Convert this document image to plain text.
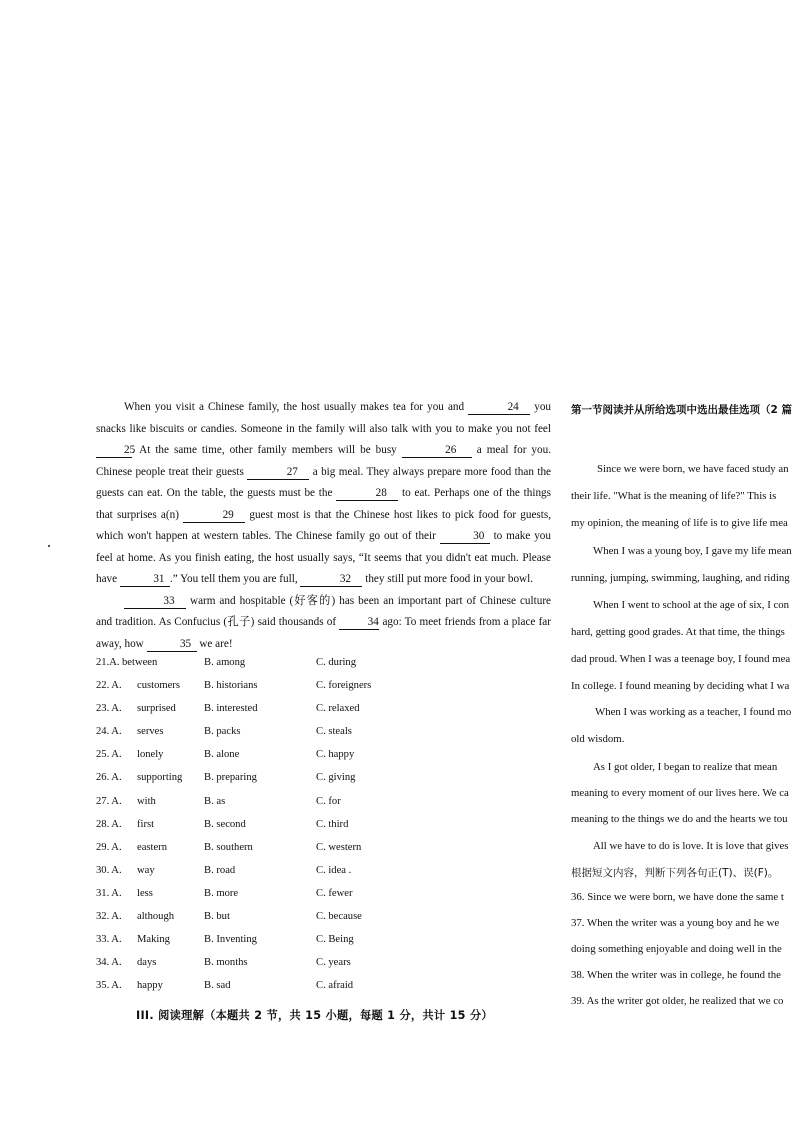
When you visit a Chinese family, the host usually makes tea for you and	24 you snacks like biscuits or candies. Someone in the family will also talk with you to make you not feel 25. At the same time, other family members will be busy	26 a meal for you. Chinese people treat their guests	27 a big meal. They always prepare more food than the guests can eat. On the table, the guests must be the	28 to eat. Perhaps one of the things that surprises a(n)	29 guest most is that the Chinese host likes to pick food for guests, which won't happen at western tables. The Chinese family go out of their	30 to make you feel at home. As you finish eating, the host usually says, “It seems that you didn't eat much. Please have	31 .” You tell them you are full,	32 they still put more food in your bowl.

33 warm and hospitable (好客的) has been an important part of Chinese culture and tradition. As Confucius (孔子) said thousands of	34 ago: To meet friends from a place far away, how	35 we are!

21.A. between	B. among	C. during
22. A. customers B. historians	C. foreigners
23. A. surprised	B. interested	C. relaxed
24. A. serves	B. packs	C. steals
25. A. lonely	B. alone	C. happy
26. A. supporting B. preparing	C. giving
27. A. with	B. as	C. for
28. A. first	B. second	C. third
29. A. eastern	B. southern	C. western
30. A. way	B. road	C. idea .
31. A. less	B. more	C. fewer
32. A. although	B. but	C. because
33. A. Making	B. Inventing	C. Being
34. A. days	B. months	C. years
35. A. happy	B. sad	C. afraid
III. 阅读理解（本题共 2 节，共 15 小题，每题 1 分，共计 15 分）
第一节阅读并从所给选项中选出最佳选项（2 篇
Since we were born, we have faced study an
their life. "What is the meaning of life?" This is
my opinion, the meaning of life is to give life mea
When I was a young boy, I gave my life mean
running, jumping, swimming, laughing, and riding
When I went to school at the age of six, I con
hard, getting good grades. At that time, the things
dad proud. When I was a teenage boy, I found mea
In college. I found meaning by deciding what I wa
When I was working as a teacher, I found mo
old wisdom.
As I got older, I began to realize that mean
meaning to every moment of our lives here. We ca
meaning to the things we do and the hearts we tou
All we have to do is love. It is love that gives
根据短文内容，判断下列各句正(T)、误(F)。
36. Since we were born, we have done the same t
37. When the writer was a young boy and he we
doing something enjoyable and doing well in the
38. When the writer was in college, he found the
39. As the writer got older, he realized that we co
